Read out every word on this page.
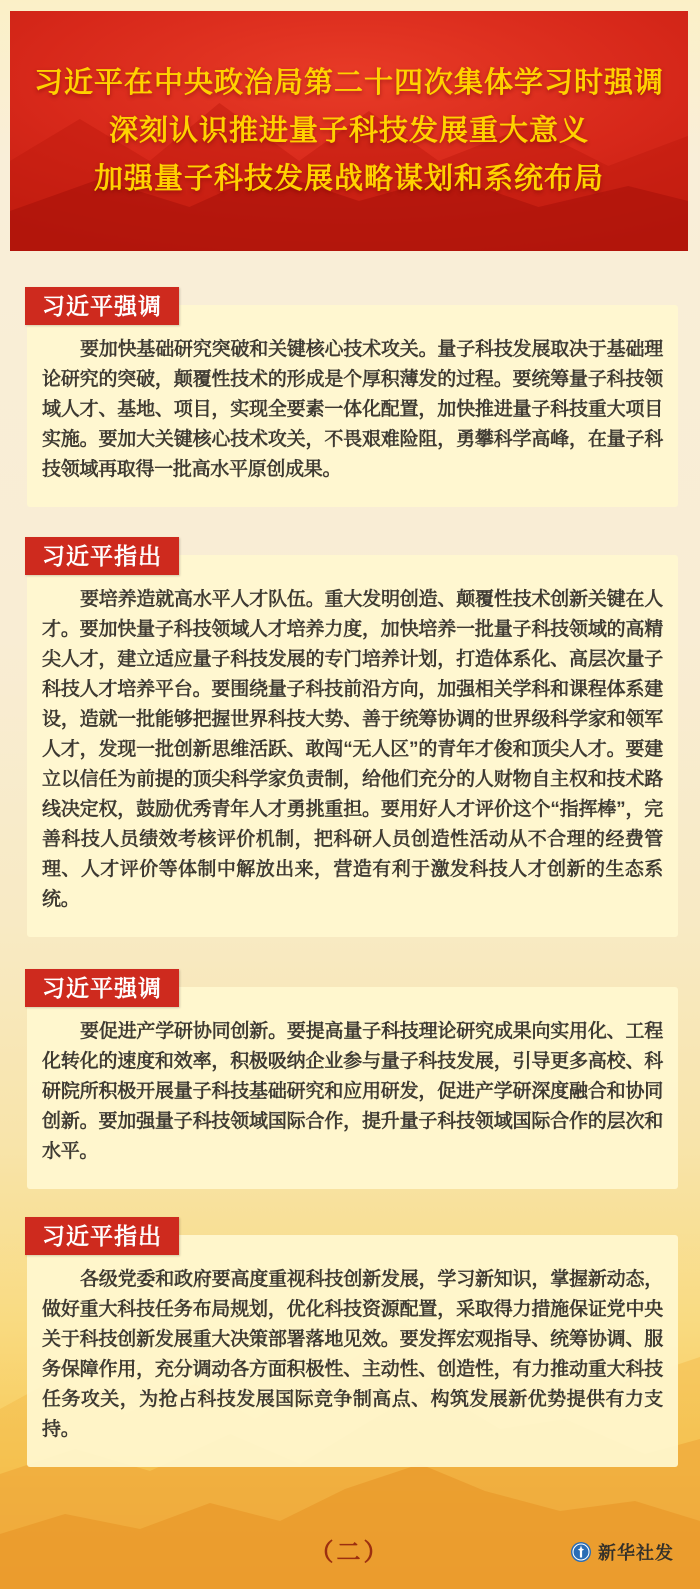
习近平在中央政治局第二十四次集体学习时强调
深刻认识推进量子科技发展重大意义
加强量子科技发展战略谋划和系统布局
习近平强调

要加快基础研究突破和关键核心技术攻关。量子科技发展取决于基础理论研究的突破，颠覆性技术的形成是个厚积薄发的过程。要统筹量子科技领域人才、基地、项目，实现全要素一体化配置，加快推进量子科技重大项目实施。要加大关键核心技术攻关，不畏艰难险阻，勇攀科学高峰，在量子科技领域再取得一批高水平原创成果。

习近平指出

要培养造就高水平人才队伍。重大发明创造、颠覆性技术创新关键在人才。要加快量子科技领域人才培养力度，加快培养一批量子科技领域的高精尖人才，建立适应量子科技发展的专门培养计划，打造体系化、高层次量子科技人才培养平台。要围绕量子科技前沿方向，加强相关学科和课程体系建设，造就一批能够把握世界科技大势、善于统筹协调的世界级科学家和领军人才，发现一批创新思维活跃、敢闯“无人区”的青年才俊和顶尖人才。要建立以信任为前提的顶尖科学家负责制，给他们充分的人财物自主权和技术路线决定权，鼓励优秀青年人才勇挑重担。要用好人才评价这个“指挥棒”，完善科技人员绩效考核评价机制，把科研人员创造性活动从不合理的经费管理、人才评价等体制中解放出来，营造有利于激发科技人才创新的生态系统。

习近平强调

要促进产学研协同创新。要提高量子科技理论研究成果向实用化、工程化转化的速度和效率，积极吸纳企业参与量子科技发展，引导更多高校、科研院所积极开展量子科技基础研究和应用研发，促进产学研深度融合和协同创新。要加强量子科技领域国际合作，提升量子科技领域国际合作的层次和水平。

习近平指出

各级党委和政府要高度重视科技创新发展，学习新知识，掌握新动态，做好重大科技任务布局规划，优化科技资源配置，采取得力措施保证党中央关于科技创新发展重大决策部署落地见效。要发挥宏观指导、统筹协调、服务保障作用，充分调动各方面积极性、主动性、创造性，有力推动重大科技任务攻关，为抢占科技发展国际竞争制高点、构筑发展新优势提供有力支持。

（二）	新华社发
